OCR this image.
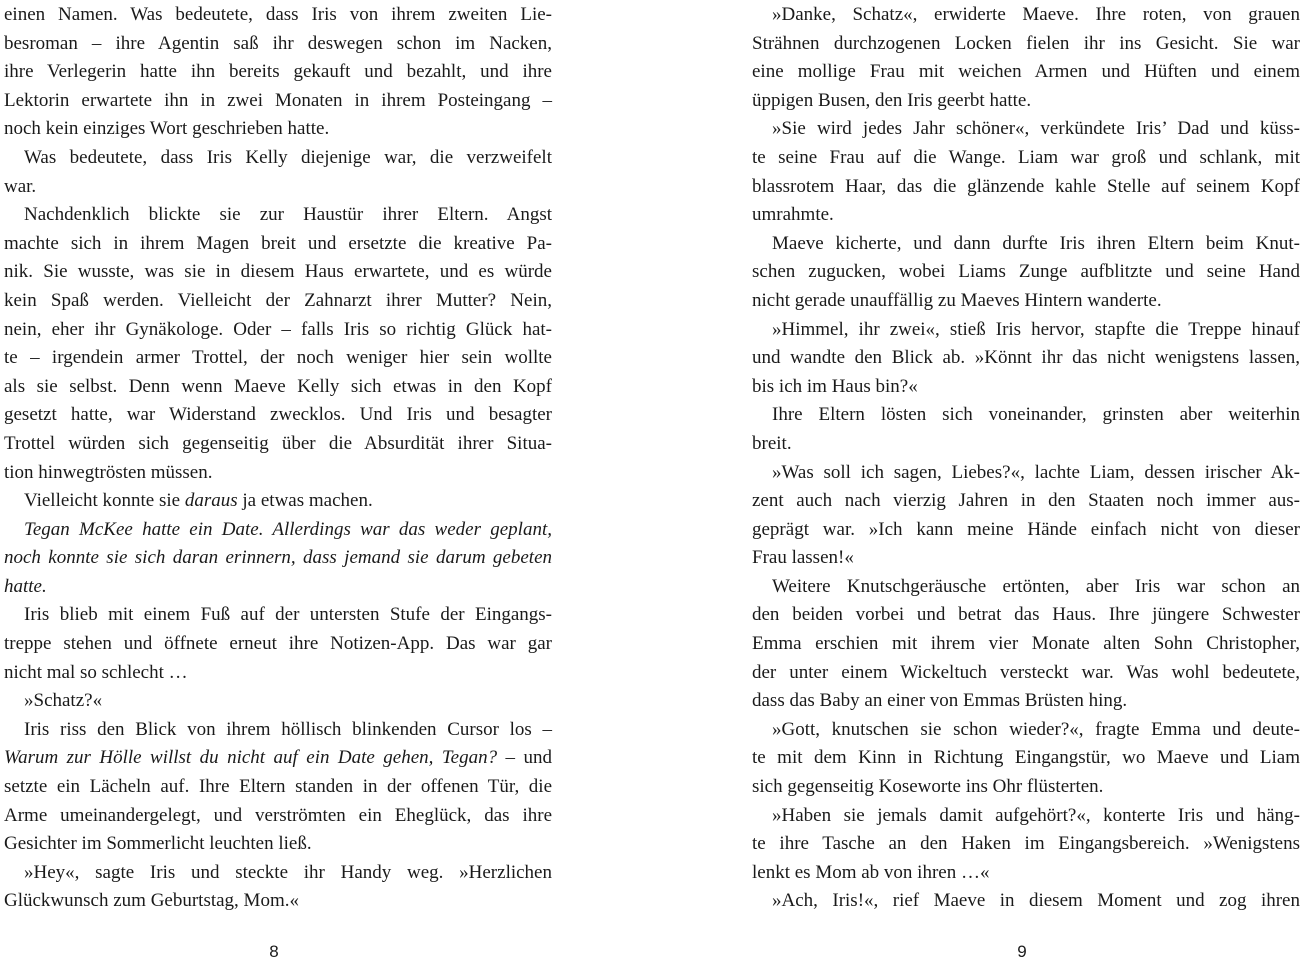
einen Namen. Was bedeutete, dass Iris von ihrem zweiten Lie-
besroman – ihre Agentin saß ihr deswegen schon im Nacken,
ihre Verlegerin hatte ihn bereits gekauft und bezahlt, und ihre
Lektorin erwartete ihn in zwei Monaten in ihrem Posteingang –
noch kein einziges Wort geschrieben hatte.

Was bedeutete, dass Iris Kelly diejenige war, die verzweifelt
war.

Nachdenklich blickte sie zur Haustür ihrer Eltern. Angst
machte sich in ihrem Magen breit und ersetzte die kreative Pa-
nik. Sie wusste, was sie in diesem Haus erwartete, und es würde
kein Spaß werden. Vielleicht der Zahnarzt ihrer Mutter? Nein,
nein, eher ihr Gynäkologe. Oder – falls Iris so richtig Glück hat-
te – irgendein armer Trottel, der noch weniger hier sein wollte
als sie selbst. Denn wenn Maeve Kelly sich etwas in den Kopf
gesetzt hatte, war Widerstand zwecklos. Und Iris und besagter
Trottel würden sich gegenseitig über die Absurdität ihrer Situa-
tion hinwegtrösten müssen.

Vielleicht konnte sie daraus ja etwas machen.

Tegan McKee hatte ein Date. Allerdings war das weder geplant,
noch konnte sie sich daran erinnern, dass jemand sie darum gebeten
hatte.

Iris blieb mit einem Fuß auf der untersten Stufe der Eingangs-
treppe stehen und öffnete erneut ihre Notizen-App. Das war gar
nicht mal so schlecht …

»Schatz?«

Iris riss den Blick von ihrem höllisch blinkenden Cursor los –
Warum zur Hölle willst du nicht auf ein Date gehen, Tegan? – und
setzte ein Lächeln auf. Ihre Eltern standen in der offenen Tür, die
Arme umeinandergelegt, und verströmten ein Eheglück, das ihre
Gesichter im Sommerlicht leuchten ließ.

»Hey«, sagte Iris und steckte ihr Handy weg. »Herzlichen
Glückwunsch zum Geburtstag, Mom.«

8

»Danke, Schatz«, erwiderte Maeve. Ihre roten, von grauen
Strähnen durchzogenen Locken fielen ihr ins Gesicht. Sie war
eine mollige Frau mit weichen Armen und Hüften und einem
üppigen Busen, den Iris geerbt hatte.

»Sie wird jedes Jahr schöner«, verkündete Iris’ Dad und küss-
te seine Frau auf die Wange. Liam war groß und schlank, mit
blassrotem Haar, das die glänzende kahle Stelle auf seinem Kopf
umrahmte.

Maeve kicherte, und dann durfte Iris ihren Eltern beim Knut-
schen zugucken, wobei Liams Zunge aufblitzte und seine Hand
nicht gerade unauffällig zu Maeves Hintern wanderte.

»Himmel, ihr zwei«, stieß Iris hervor, stapfte die Treppe hinauf
und wandte den Blick ab. »Könnt ihr das nicht wenigstens lassen,
bis ich im Haus bin?«

Ihre Eltern lösten sich voneinander, grinsten aber weiterhin
breit.

»Was soll ich sagen, Liebes?«, lachte Liam, dessen irischer Ak-
zent auch nach vierzig Jahren in den Staaten noch immer aus-
geprägt war. »Ich kann meine Hände einfach nicht von dieser
Frau lassen!«

Weitere Knutschgeräusche ertönten, aber Iris war schon an
den beiden vorbei und betrat das Haus. Ihre jüngere Schwester
Emma erschien mit ihrem vier Monate alten Sohn Christopher,
der unter einem Wickeltuch versteckt war. Was wohl bedeutete,
dass das Baby an einer von Emmas Brüsten hing.

»Gott, knutschen sie schon wieder?«, fragte Emma und deute-
te mit dem Kinn in Richtung Eingangstür, wo Maeve und Liam
sich gegenseitig Koseworte ins Ohr flüsterten.

»Haben sie jemals damit aufgehört?«, konterte Iris und häng-
te ihre Tasche an den Haken im Eingangsbereich. »Wenigstens
lenkt es Mom ab von ihren …«

»Ach, Iris!«, rief Maeve in diesem Moment und zog ihren

9
